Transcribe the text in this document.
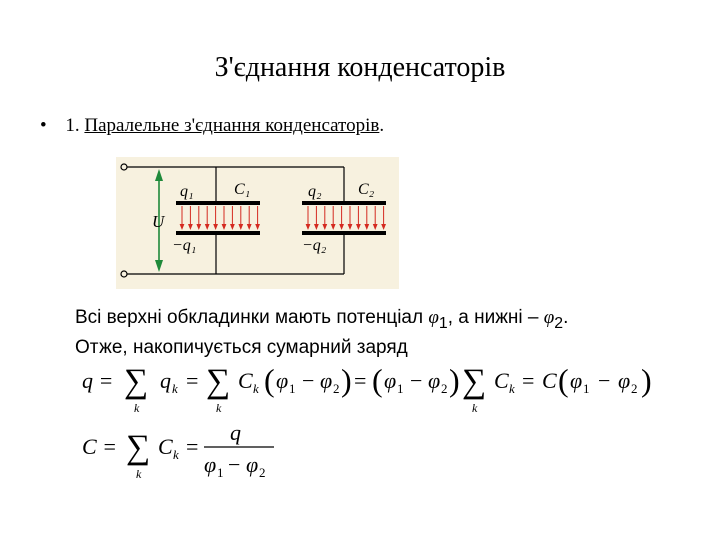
З'єднання конденсаторів
• 1. Паралельне з'єднання конденсаторів.
U
q₁
−q₁
C₁	q₂
−q₂
C₂
Всі верхні обкладинки мають потенціал $\varphi_1$, а нижні – $\varphi_2$.
Отже, накопичується сумарний заряд
q = ∑
k
q k = ∑
k
C k ( φ 1 − φ 2 ) = ( φ 1 − φ 2 ) ∑
k
C k = C ( φ 1 − φ 2 )
C = ∑
k
C k =
q
φ 1 − φ 2
